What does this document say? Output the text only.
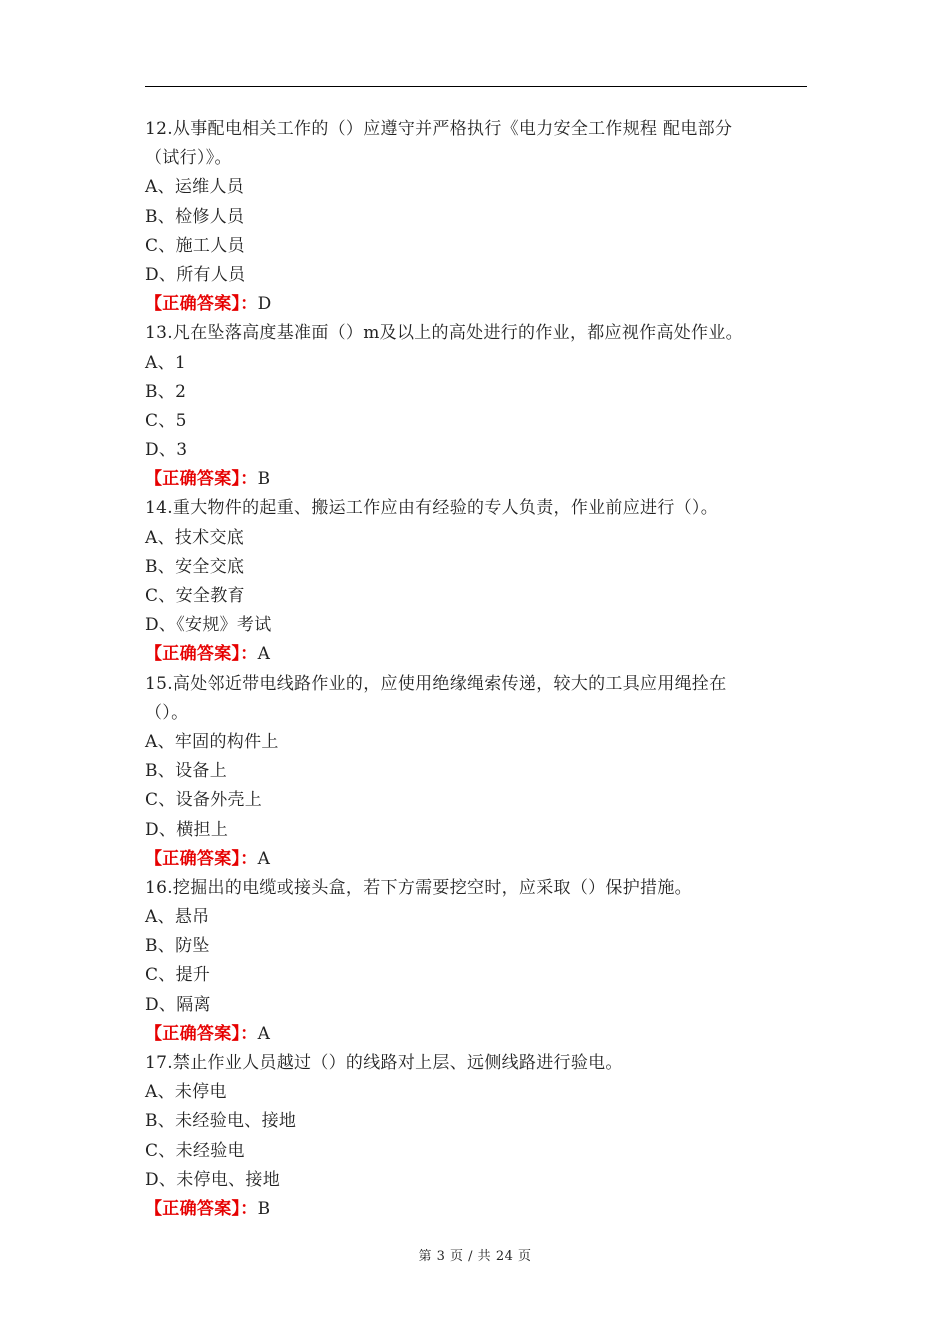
12.从事配电相关工作的（）应遵守并严格执行《电力安全工作规程 配电部分
（试行）》。
A、运维人员
B、检修人员
C、施工人员
D、所有人员
【正确答案】：D
13.凡在坠落高度基准面（）m及以上的高处进行的作业，都应视作高处作业。
A、1
B、2
C、5
D、3
【正确答案】：B
14.重大物件的起重、搬运工作应由有经验的专人负责，作业前应进行（）。
A、技术交底
B、安全交底
C、安全教育
D、《安规》考试
【正确答案】：A
15.高处邻近带电线路作业的，应使用绝缘绳索传递，较大的工具应用绳拴在
（）。
A、牢固的构件上
B、设备上
C、设备外壳上
D、横担上
【正确答案】：A
16.挖掘出的电缆或接头盒，若下方需要挖空时，应采取（）保护措施。
A、悬吊
B、防坠
C、提升
D、隔离
【正确答案】：A
17.禁止作业人员越过（）的线路对上层、远侧线路进行验电。
A、未停电
B、未经验电、接地
C、未经验电
D、未停电、接地
【正确答案】：B
第 3 页 / 共 24 页
